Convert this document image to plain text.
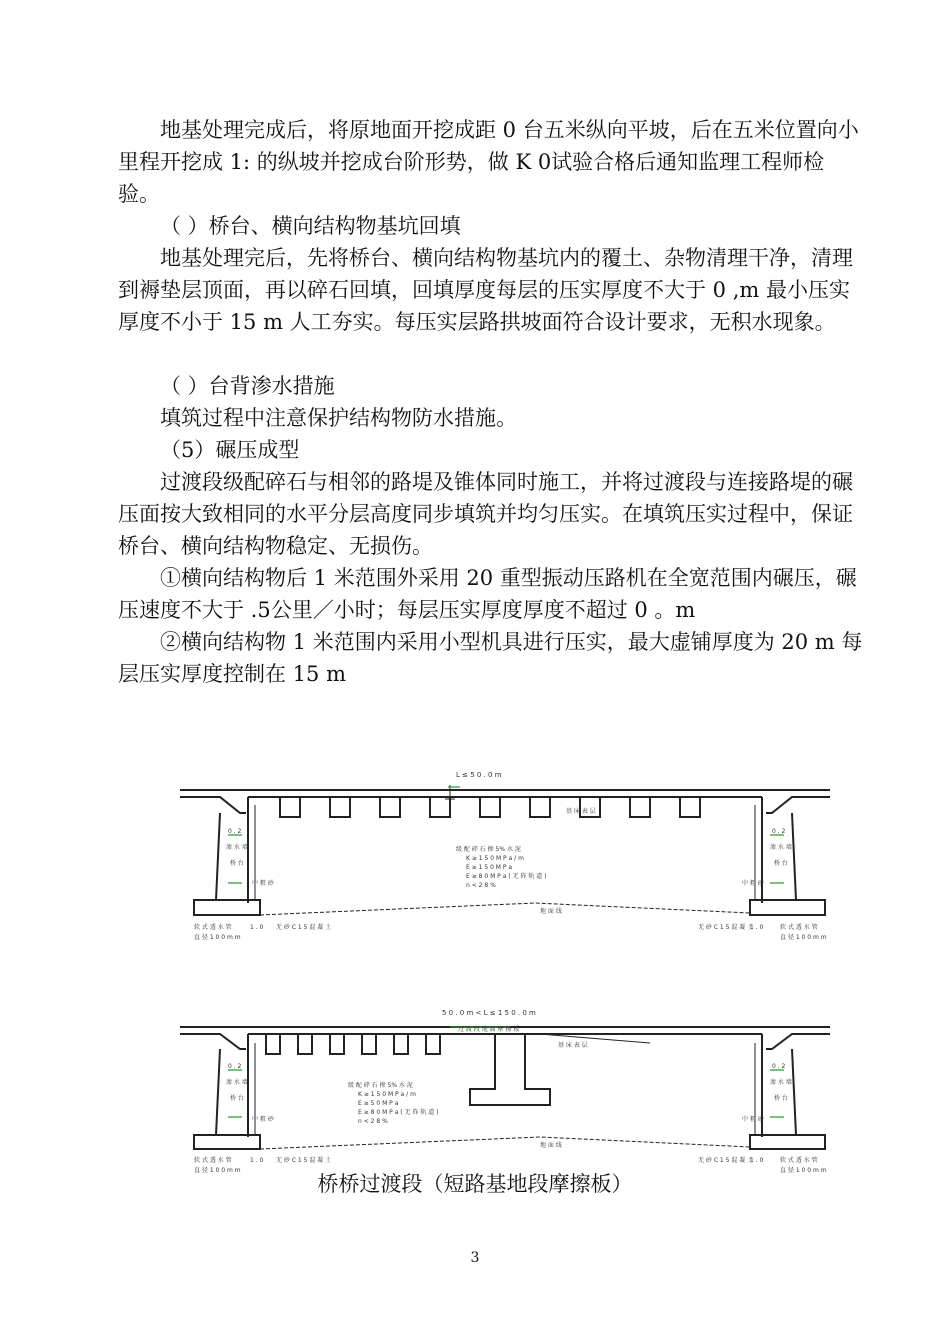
地基处理完成后，将原地面开挖成距 0 台五米纵向平坡，后在五米位置向小里程开挖成 1: 的纵坡并挖成台阶形势，做 K 0试验合格后通知监理工程师检验。
（ ）桥台、横向结构物基坑回填
地基处理完后，先将桥台、横向结构物基坑内的覆土、杂物清理干净，清理到褥垫层顶面，再以碎石回填，回填厚度每层的压实厚度不大于 0 ,m 最小压实厚度不小于 15 m 人工夯实。每压实层路拱坡面符合设计要求，无积水现象。
（ ）台背渗水措施
填筑过程中注意保护结构物防水措施。
（5）碾压成型
过渡段级配碎石与相邻的路堤及锥体同时施工，并将过渡段与连接路堤的碾压面按大致相同的水平分层高度同步填筑并均匀压实。在填筑压实过程中，保证桥台、横向结构物稳定、无损伤。
①横向结构物后 1 米范围外采用 20 重型振动压路机在全宽范围内碾压，碾压速度不大于 .5公里／小时；每层压实厚度厚度不超过 0 。m
②横向结构物 1 米范围内采用小型机具进行压实，最大虚铺厚度为 20 m 每层压实厚度控制在 15 m
L ≤ 5 0 . 0 m
基 床 表 层
级 配 碎 石 掺 5% 水 泥
K ≥ 1 5 0 M P a / m
E ≥ 1 5 0 M P a
E ≥ 8 0 M P a ( 无 砟 轨 道 )
n < 2 8 %
地 面 线
0 . 2
渗 水 墙
桥 台
中 粗 砂
软 式 透 水 管
直 径 1 0 0 m m
1 . 0 无 砂 C 1 5 混 凝 土
0 . 2
渗 水 墙
桥 台
中 粗 砂
软 式 透 水 管
直 径 1 0 0 m m
1 . 0
无 砂 C 1 5 混 凝 土
5 0 . 0 m < L ≤ 1 5 0 . 0 m
过 渡 段 地 面 摩 擦 板
基 床 表 层
级 配 碎 石 掺 5% 水 泥
K ≥ 1 5 0 M P a / m
E ≥ 5 0 M P a
E ≥ 8 0 M P a ( 无 砟 轨 道 )
n < 2 8 %
地 面 线
0 . 2
渗 水 墙
桥 台
中 粗 砂
软 式 透 水 管
直 径 1 0 0 m m
1 . 0 无 砂 C 1 5 混 凝 土
0 . 2
渗 水 墙
桥 台
中 粗 砂
软 式 透 水 管
直 径 1 0 0 m m
1 . 0
无 砂 C 1 5 混 凝 土
桥桥过渡段（短路基地段摩擦板）
3
